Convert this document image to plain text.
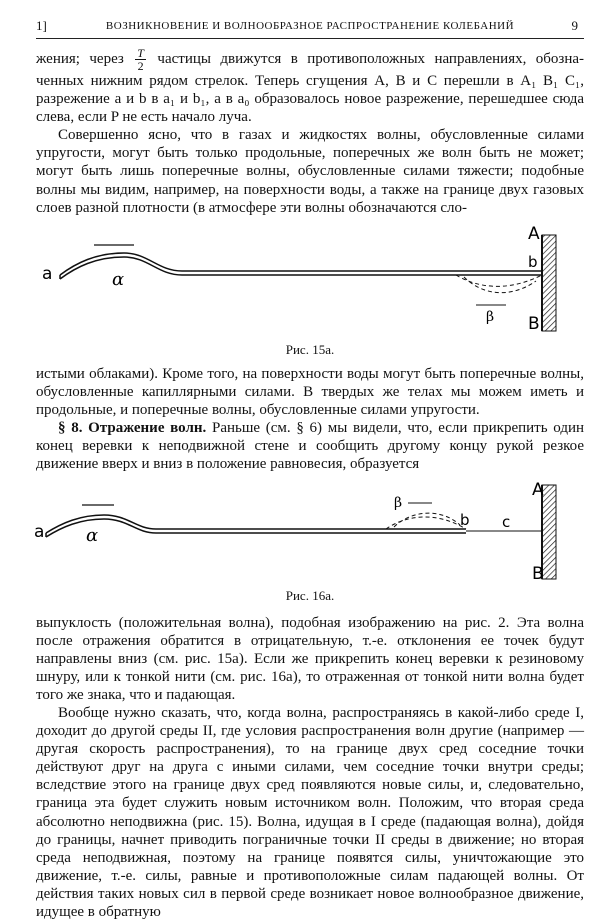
1]	ВОЗНИКНОВЕНИЕ И ВОЛНООБРАЗНОЕ РАСПРОСТРАНЕНИЕ КОЛЕБАНИЙ	9

жения; через $\frac{T}{2}$ частицы движутся в противоположных направлениях, обозна- ченных нижним рядом стрелок. Теперь сгущения A, B и C перешли в A₁ B₁ C₁, разрежение a и b в a₁ и b₁, а в a₀ образовалось новое разрежение, перешедшее сюда слева, если P не есть начало луча.

Совершенно ясно, что в газах и жидкостях волны, обусловленные силами упругости, могут быть только продольные, поперечных же волн быть не может; могут быть лишь поперечные волны, обусловленные силами тяжести; подобные волны мы видим, например, на поверхности воды, а также на границе двух газовых слоев разной плотности (в атмосфере эти волны обозначаются сло-

a	α
b
β
A
B

Рис. 15а.

истыми облаками). Кроме того, на поверхности воды могут быть поперечные волны, обусловленные капиллярными силами. В твердых же телах мы можем иметь и продольные, и поперечные волны, обусловленные силами упругости.

§ 8. Отражение волн. Раньше (см. § 6) мы видели, что, если прикрепить один конец веревки к неподвижной стене и сообщить другому концу рукой резкое движение вверх и вниз в положение равновесия, образуется

a α
β
b c
A
B

Рис. 16а.

выпуклость (положительная волна), подобная изображению на рис. 2. Эта волна после отражения обратится в отрицательную, т.-е. отклонения ее точек будут направлены вниз (см. рис. 15а). Если же прикрепить конец веревки к резиновому шнуру, или к тонкой нити (см. рис. 16а), то отраженная от тонкой нити волна будет того же знака, что и падающая.

Вообще нужно сказать, что, когда волна, распространяясь в какой-либо среде I, доходит до другой среды II, где условия распространения волн другие (например — другая скорость распространения), то на границе двух сред соседние точки действуют друг на друга с иными силами, чем соседние точки внутри среды; вследствие этого на границе двух сред появляются новые силы, и, следовательно, граница эта будет служить новым источником волн. Положим, что вторая среда абсолютно неподвижна (рис. 15). Волна, идущая в I среде (падающая волна), дойдя до границы, начнет приводить пограничные точки II среды в движение; но вторая среда неподвижная, поэтому на границе появятся силы, уничтожающие это движение, т.-е. силы, равные и противоположные силам падающей волны. От действия таких новых сил в первой среде возникает новое волнообразное движение, идущее в обратную
